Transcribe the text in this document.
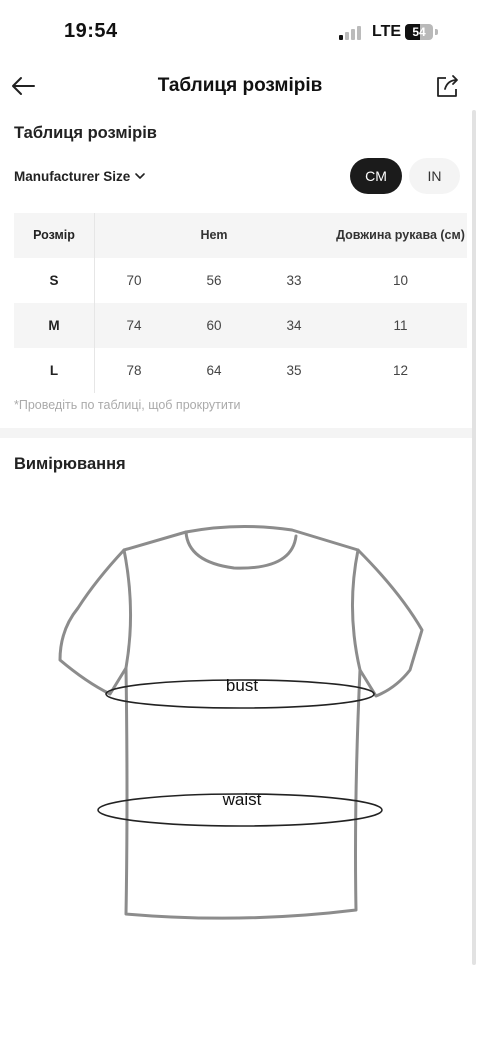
19:54	LTE 54
Таблиця розмірів
Таблиця розмірів
Manufacturer Size	CM	IN
Розмір	Hem	Довжина рукава (см)
S	70	56	33	10
M	74	60	34	11
L	78	64	35	12
*Проведіть по таблиці, щоб прокрутити
Вимірювання
bust
waist
